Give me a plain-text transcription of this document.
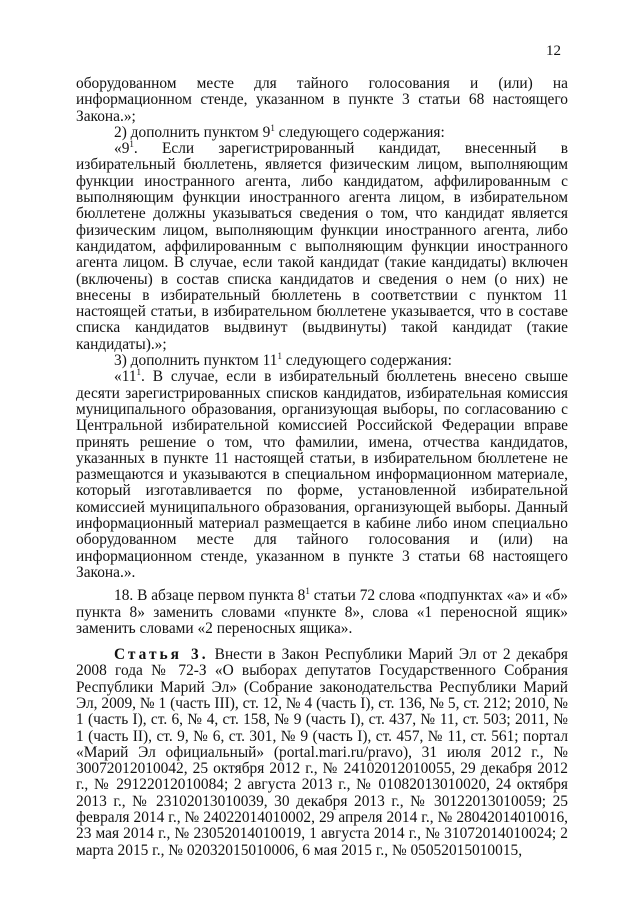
12

оборудованном месте для тайного голосования и (или) на информационном стенде, указанном в пункте 3 статьи 68 настоящего Закона.»;

2) дополнить пунктом $9^1$ следующего содержания:

«$9^1$. Если зарегистрированный кандидат, внесенный в избирательный бюллетень, является физическим лицом, выполняющим функции иностранного агента, либо кандидатом, аффилированным с выполняющим функции иностранного агента лицом, в избирательном бюллетене должны указываться сведения о том, что кандидат является физическим лицом, выполняющим функции иностранного агента, либо кандидатом, аффилированным с выполняющим функции иностранного агента лицом. В случае, если такой кандидат (такие кандидаты) включен (включены) в состав списка кандидатов и сведения о нем (о них) не внесены в избирательный бюллетень в соответствии с пунктом 11 настоящей статьи, в избирательном бюллетене указывается, что в составе списка кандидатов выдвинут (выдвинуты) такой кандидат (такие кандидаты).»;

3) дополнить пунктом $11^1$ следующего содержания:

«$11^1$. В случае, если в избирательный бюллетень внесено свыше десяти зарегистрированных списков кандидатов, избирательная комиссия муниципального образования, организующая выборы, по согласованию с Центральной избирательной комиссией Российской Федерации вправе принять решение о том, что фамилии, имена, отчества кандидатов, указанных в пункте 11 настоящей статьи, в избирательном бюллетене не размещаются и указываются в специальном информационном материале, который изготавливается по форме, установленной избирательной комиссией муниципального образования, организующей выборы. Данный информационный материал размещается в кабине либо ином специально оборудованном месте для тайного голосования и (или) на информационном стенде, указанном в пункте 3 статьи 68 настоящего Закона.».

18. В абзаце первом пункта $8^1$ статьи 72 слова «подпунктах «а» и «б» пункта 8» заменить словами «пункте 8», слова «1 переносной ящик» заменить словами «2 переносных ящика».

Статья 3. Внести в Закон Республики Марий Эл от 2 декабря 2008 года № 72-З «О выборах депутатов Государственного Собрания Республики Марий Эл» (Собрание законодательства Республики Марий Эл, 2009, № 1 (часть III), ст. 12, № 4 (часть I), ст. 136, № 5, ст. 212; 2010, № 1 (часть I), ст. 6, № 4, ст. 158, № 9 (часть I), ст. 437, № 11, ст. 503; 2011, № 1 (часть II), ст. 9, № 6, ст. 301, № 9 (часть I), ст. 457, № 11, ст. 561; портал «Марий Эл официальный» (portal.mari.ru/pravo), 31 июля 2012 г., № 30072012010042, 25 октября 2012 г., № 24102012010055, 29 декабря 2012 г., № 29122012010084; 2 августа 2013 г., № 01082013010020, 24 октября 2013 г., № 23102013010039, 30 декабря 2013 г., № 30122013010059; 25 февраля 2014 г., № 24022014010002, 29 апреля 2014 г., № 28042014010016, 23 мая 2014 г., № 23052014010019, 1 августа 2014 г., № 31072014010024; 2 марта 2015 г., № 02032015010006, 6 мая 2015 г., № 05052015010015,
